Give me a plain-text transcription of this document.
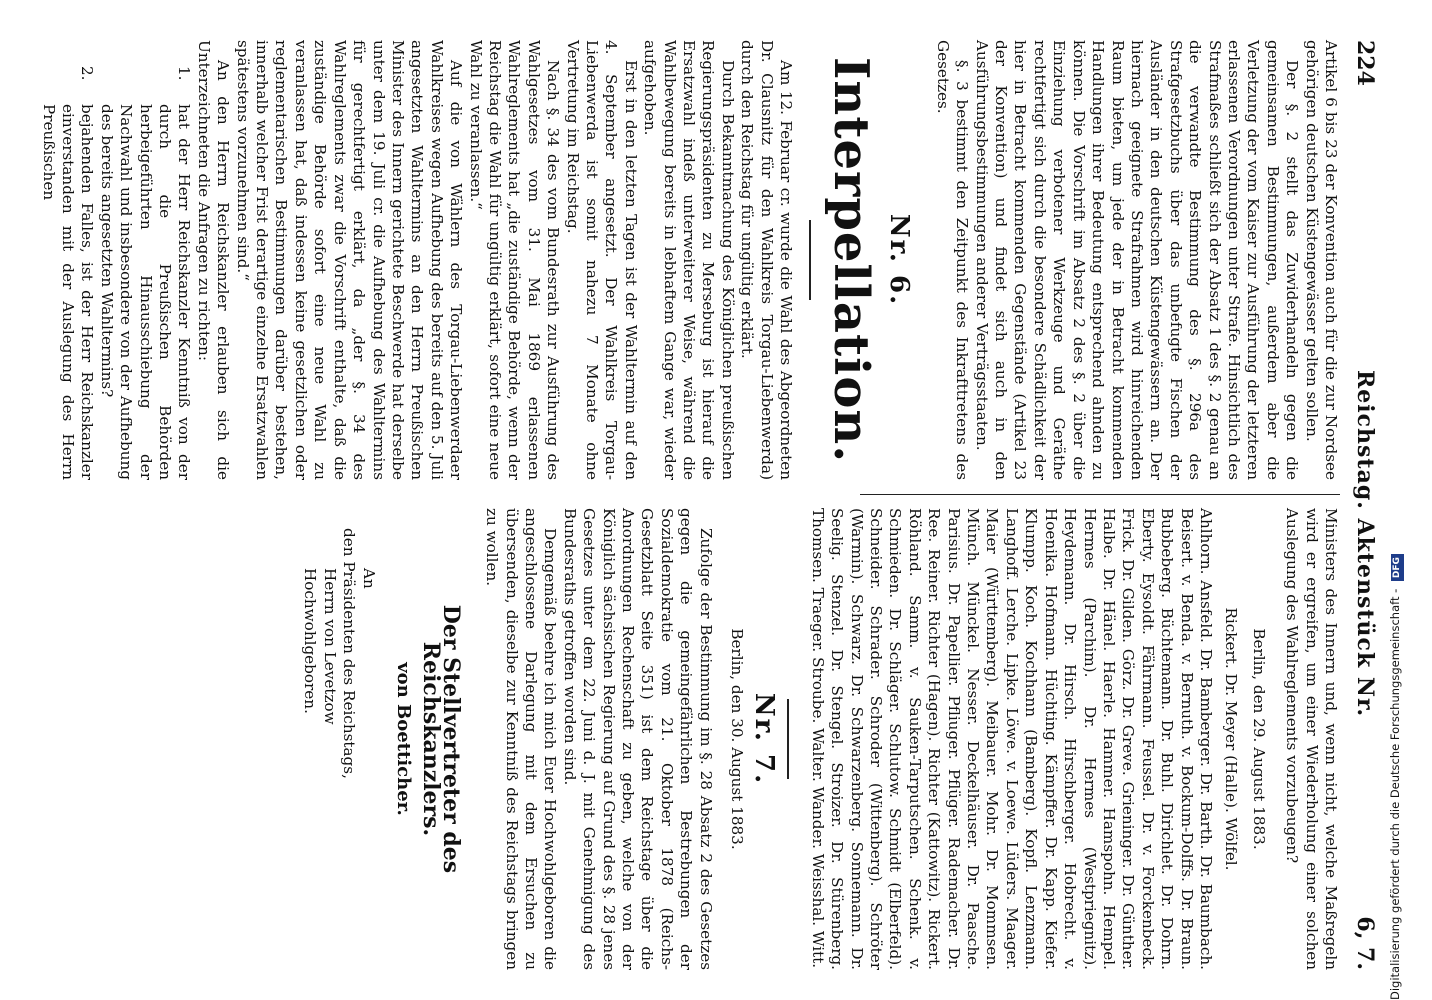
224
Reichstag. Aktenstück Nr.
6, 7.

Artikel 6 bis 23 der Konvention auch für die zur Nordsee gehörigen deutschen Küstengewässer gelten sollen.

Der §. 2 stellt das Zuwiderhandeln gegen die gemeinsamen Bestimmungen, außerdem aber die Verletzung der vom Kaiser zur Ausführung der letzteren erlassenen Verordnungen unter Strafe. Hinsichtlich des Strafmaßes schließt sich der Absatz 1 des §. 2 genau an die verwandte Bestimmung des §. 296a des Strafgesetzbuchs über das unbefugte Fischen der Ausländer in den deutschen Küstengewässern an. Der hiernach geeignete Strafrahmen wird hinreichenden Raum bieten, um jede der in Betracht kommenden Handlungen ihrer Bedeutung entsprechend ahnden zu können. Die Vorschrift im Absatz 2 des §. 2 über die Einziehung verbotener Werkzeuge und Geräthe rechtfertigt sich durch die besondere Schädlichkeit der hier in Betracht kommenden Gegenstände (Artikel 23 der Konvention) und findet sich auch in den Ausführungsbestimmungen anderer Verträgsstaaten.

§. 3 bestimmt den Zeitpunkt des Inkrafttretens des Gesetzes.

Nr. 6.
Interpellation.

Am 12. Februar cr. wurde die Wahl des Abgeordneten Dr. Clausnitz für den Wahlkreis Torgau-Liebenwerda) durch den Reichstag für ungültig erklärt.

Durch Bekanntmachung des Königlichen preußischen Regierungspräsidenten zu Merseburg ist hierauf die Ersatzwahl indeß unterweiterer Weise, während die Wahlbewegung bereits in lebhaftem Gange war, wieder aufgehoben.

Erst in den letzten Tagen ist der Wahltermin auf den 4. September angesetzt. Der Wahlkreis Torgau-Liebenwerda ist somit nahezu 7 Monate ohne Vertretung im Reichstag.

Nach §. 34 des vom Bundesrath zur Ausführung des Wahlgesetzes vom 31. Mai 1869 erlassenen Wahlreglements hat „die zuständige Behörde, wenn der Reichstag die Wahl für ungültig erklärt, sofort eine neue Wahl zu veranlassen.“

Auf die von Wählern des Torgau-Liebenwerdaer Wahlkreises wegen Aufhebung des bereits auf den 5. Juli angesetzten Wahltermins an den Herrn Preußischen Minister des Innern gerichtete Beschwerde hat derselbe unter dem 19. Juli cr. die Aufhebung des Wahltermins für gerechtfertigt erklärt, da „der §. 34 des Wahlreglements zwar die Vorschrift enthalte, daß die zuständige Behörde sofort eine neue Wahl zu veranlassen hat, daß indessen keine gesetzlichen oder reglementarischen Bestimmungen darüber bestehen, innerhalb welcher Frist derartige einzelne Ersatzwahlen spätestens vorzunehmen sind.“

An den Herrn Reichskanzler erlauben sich die Unterzeichneten die Anfragen zu richten:

1.
hat der Herr Reichskanzler Kenntniß von der durch die Preußischen Behörden herbeigeführten Hinausschiebung der Nachwahl und insbesondere von der Aufhebung des bereits angesetzten Wahltermins?
2.
bejahenden Falles, ist der Herr Reichskanzler einverstanden mit der Auslegung des Herrn Preußischen

Ministers des Innern und, wenn nicht, welche Maßregeln wird er ergreifen, um einer Wiederholung einer solchen Auslegung des Wahlreglements vorzubeugen?

Berlin, den 29. August 1883.

Rickert. Dr. Meyer (Halle). Wölfel.

Ahlhorn. Ansfeld. Dr. Bamberger. Dr. Barth. Dr. Baumbach. Beisert. v. Benda. v. Bernuth. v. Bockum-Dolffs. Dr. Braun. Bubbeberg. Büchtemann. Dr. Buhl. Dirichlet. Dr. Dohrn. Eberty. Eysoldt. Fährmann. Feussel. Dr. v. Forckenbeck. Frick. Dr. Gilden. Görz. Dr. Greve. Grieninger. Dr. Günther. Halbe. Dr. Hänel. Haerle. Hammer. Hamspohn. Hempel. Hermes (Parchim). Dr. Hermes (Westpriegnitz). Heydemann. Dr. Hirsch. Hirschberger. Hobrecht. v. Hoenika. Hofmann. Hüchting. Kämpffer. Dr. Kapp. Kiefer. Klumpp. Koch. Kochhann (Bamberg). Kopfl. Lenzmann. Langhoff. Lerche. Lipke. Löwe. v. Loewe. Lüders. Maager. Maier (Württemberg). Meibauer. Mohr. Dr. Mommsen. Münch. Münckel. Nesser. Deckelhäuser. Dr. Paasche. Parisius. Dr. Papellier. Pfliuger. Pflüger. Rademacher. Dr. Ree. Reiner. Richter (Hagen). Richter (Kattowitz). Rickert. Röhland. Samm. v. Sauken-Tarputschen. Schenk. v. Schmieden. Dr. Schläger. Schlutow. Schmidt (Elberfeld). Schneider. Schrader. Schroder (Wittenberg). Schröter (Warmin). Schwarz. Dr. Schwarzenberg. Sonnemann. Dr. Seelig. Stenzel. Dr. Stengel. Stroizer. Dr. Stürenberg. Thomsen. Traeger. Stroube. Walter. Wander. Weisshal. Witt.

Nr. 7.

Berlin, den 30. August 1883.

Zufolge der Bestimmung im §. 28 Absatz 2 des Gesetzes gegen die gemeingefährlichen Bestrebungen der Sozialdemokratie vom 21. Oktober 1878 (Reichs-Gesetzblatt Seite 351) ist dem Reichstage über die Anordnungen Rechenschaft zu geben, welche von der Königlich sächsischen Regierung auf Grund des §. 28 jenes Gesetzes unter dem 22. Juni d. J. mit Genehmigung des Bundesraths getroffen worden sind.

Demgemäß beehre ich mich Euer Hochwohlgeboren die angeschlossene Darlegung mit dem Ersuchen zu übersenden, dieselbe zur Kenntniß des Reichstags bringen zu wollen.

Der Stellvertreter des Reichskanzlers.
von Boetticher.

An

den Präsidenten des Reichstags,

Herrn von Levetzow

Hochwohlgeboren.	Digitalisierung gefördert durch die Deutsche Forschungsgemeinschaft - DFG
